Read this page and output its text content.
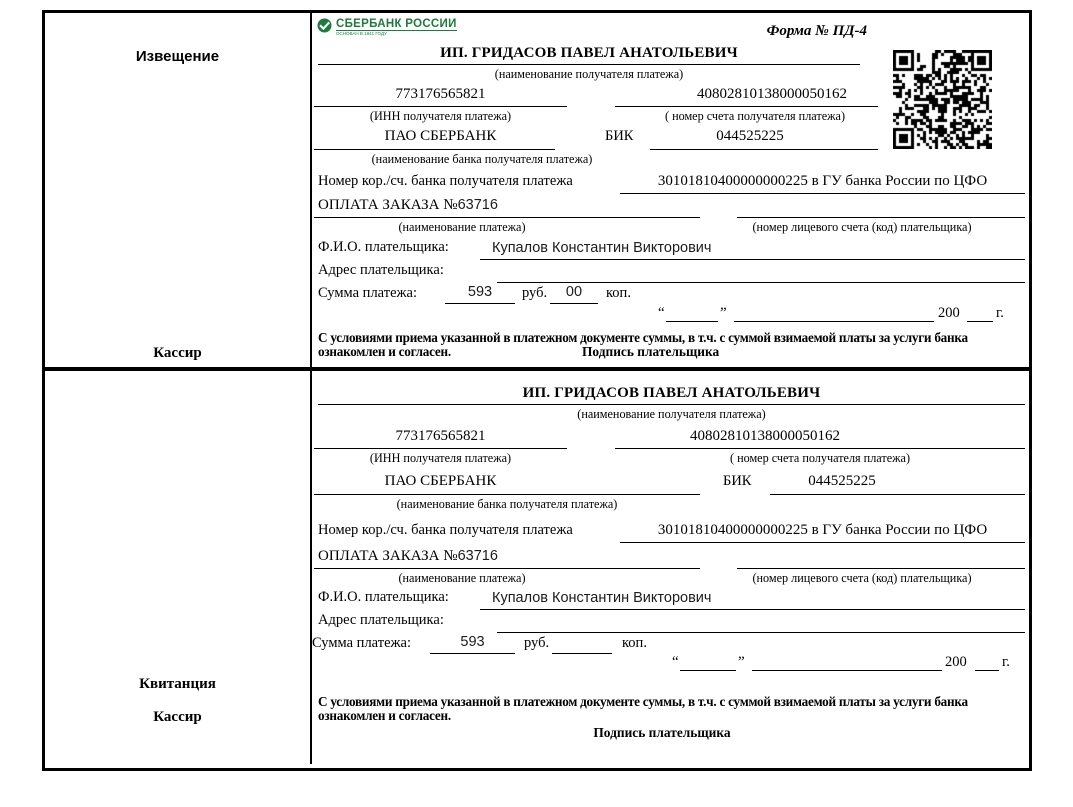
Извещение
Кассир
СБЕРБАНК РОССИИ
ОСНОВАН В 1841 ГОДУ	Форма № ПД-4
ИП. ГРИДАСОВ ПАВЕЛ АНАТОЛЬЕВИЧ
(наименование получателя платежа)
773176565821	40802810138000050162
(ИНН получателя платежа)	( номер счета получателя платежа)
ПАО СБЕРБАНК	БИК	044525225
(наименование банка получателя платежа)
Номер кор./сч. банка получателя платежа	30101810400000000225 в ГУ банка России по ЦФО
ОПЛАТА ЗАКАЗА №63716
(наименование платежа)	(номер лицевого счета (код) плательщика)
Ф.И.О. плательщика:	Купалов Константин Викторович
Адрес плательщика:
Сумма платежа:	593	руб.	00	коп.
“	”	200	г.
С условиями приема указанной в платежном документе суммы, в т.ч. с суммой взимаемой платы за услуги банка
ознакомлен и согласен.	Подпись плательщика
Квитанция
Кассир
ИП. ГРИДАСОВ ПАВЕЛ АНАТОЛЬЕВИЧ
(наименование получателя платежа)
773176565821	40802810138000050162
(ИНН получателя платежа)	( номер счета получателя платежа)
ПАО СБЕРБАНК	БИК	044525225
(наименование банка получателя платежа)
Номер кор./сч. банка получателя платежа	30101810400000000225 в ГУ банка России по ЦФО
ОПЛАТА ЗАКАЗА №63716
(наименование платежа)	(номер лицевого счета (код) плательщика)
Ф.И.О. плательщика:	Купалов Константин Викторович
Адрес плательщика:
Сумма платежа:	593	руб.	коп.
“	”	200 г.
С условиями приема указанной в платежном документе суммы, в т.ч. с суммой взимаемой платы за услуги банка
ознакомлен и согласен.
Подпись плательщика
